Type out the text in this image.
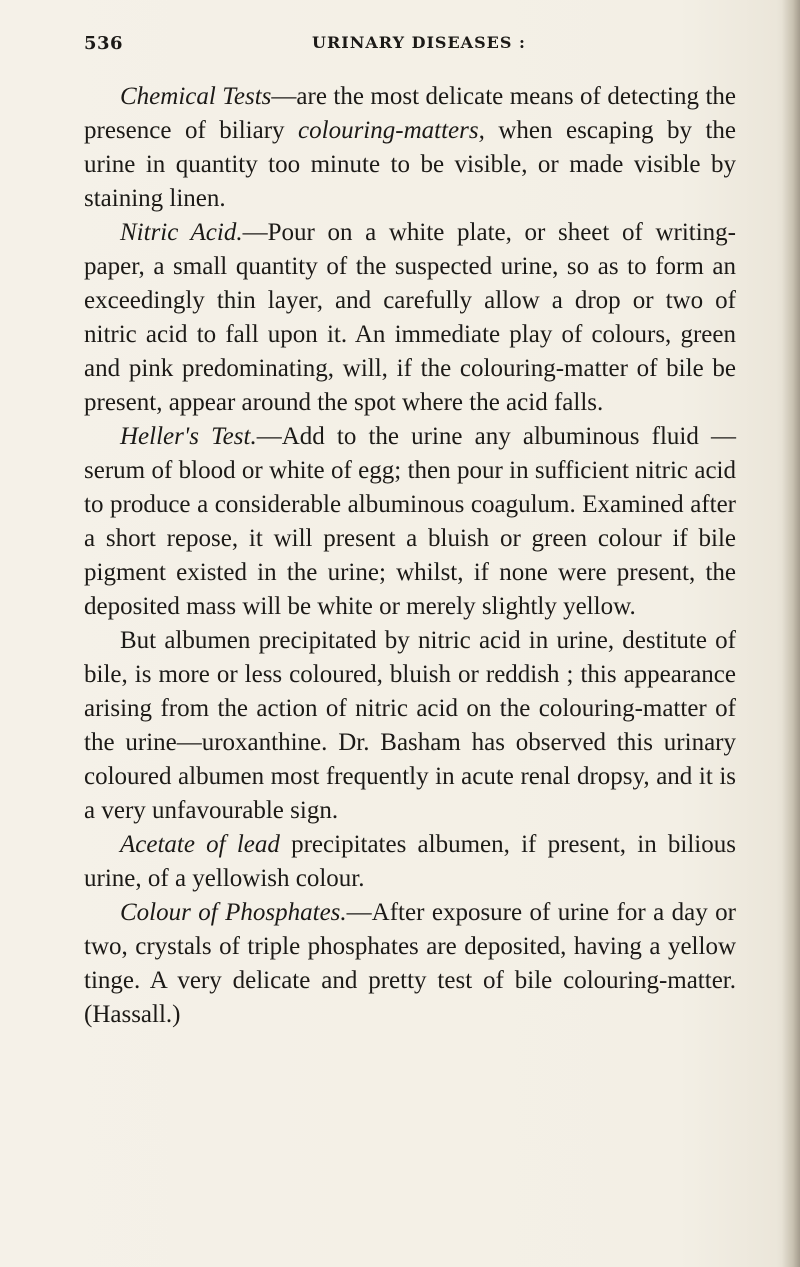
536	URINARY DISEASES :

Chemical Tests—are the most delicate means of detecting the presence of biliary colouring-matters, when escaping by the urine in quantity too minute to be visible, or made visible by staining linen.

Nitric Acid.—Pour on a white plate, or sheet of writing-paper, a small quantity of the suspected urine, so as to form an exceedingly thin layer, and carefully allow a drop or two of nitric acid to fall upon it. An immediate play of colours, green and pink predominating, will, if the colouring-matter of bile be present, appear around the spot where the acid falls.

Heller's Test.—Add to the urine any albuminous fluid —serum of blood or white of egg; then pour in sufficient nitric acid to produce a considerable albuminous coagulum. Examined after a short repose, it will present a bluish or green colour if bile pigment existed in the urine; whilst, if none were present, the deposited mass will be white or merely slightly yellow.

But albumen precipitated by nitric acid in urine, destitute of bile, is more or less coloured, bluish or reddish ; this appearance arising from the action of nitric acid on the colouring-matter of the urine—uroxanthine. Dr. Basham has observed this urinary coloured albumen most frequently in acute renal dropsy, and it is a very unfavourable sign.

Acetate of lead precipitates albumen, if present, in bilious urine, of a yellowish colour.

Colour of Phosphates.—After exposure of urine for a day or two, crystals of triple phosphates are deposited, having a yellow tinge. A very delicate and pretty test of bile colouring-matter. (Hassall.)
